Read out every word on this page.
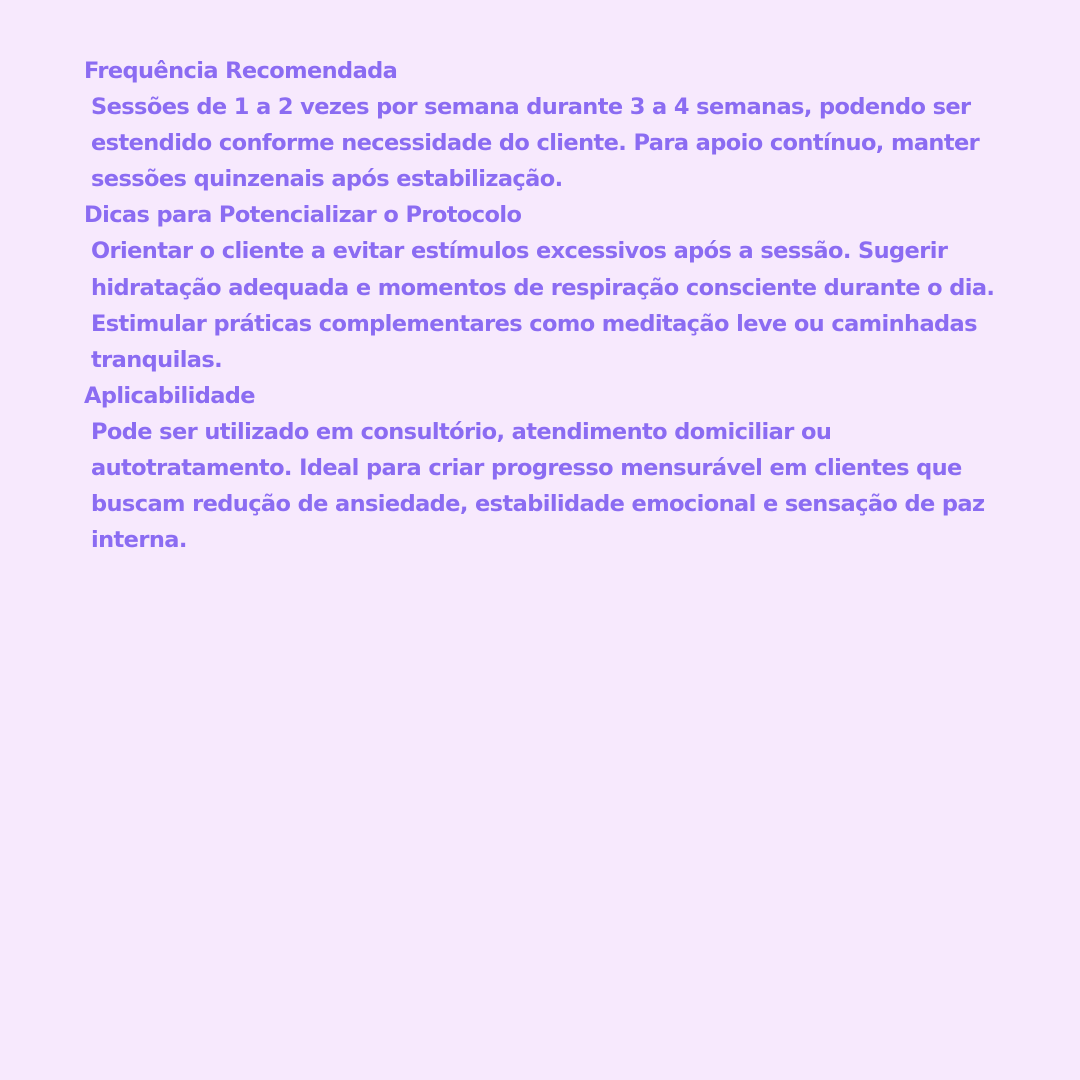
Frequência Recomendada
Sessões de 1 a 2 vezes por semana durante 3 a 4 semanas, podendo ser estendido conforme necessidade do cliente. Para apoio contínuo, manter sessões quinzenais após estabilização.
Dicas para Potencializar o Protocolo
Orientar o cliente a evitar estímulos excessivos após a sessão. Sugerir hidratação adequada e momentos de respiração consciente durante o dia. Estimular práticas complementares como meditação leve ou caminhadas tranquilas.
Aplicabilidade
Pode ser utilizado em consultório, atendimento domiciliar ou autotratamento. Ideal para criar progresso mensurável em clientes que buscam redução de ansiedade, estabilidade emocional e sensação de paz interna.
